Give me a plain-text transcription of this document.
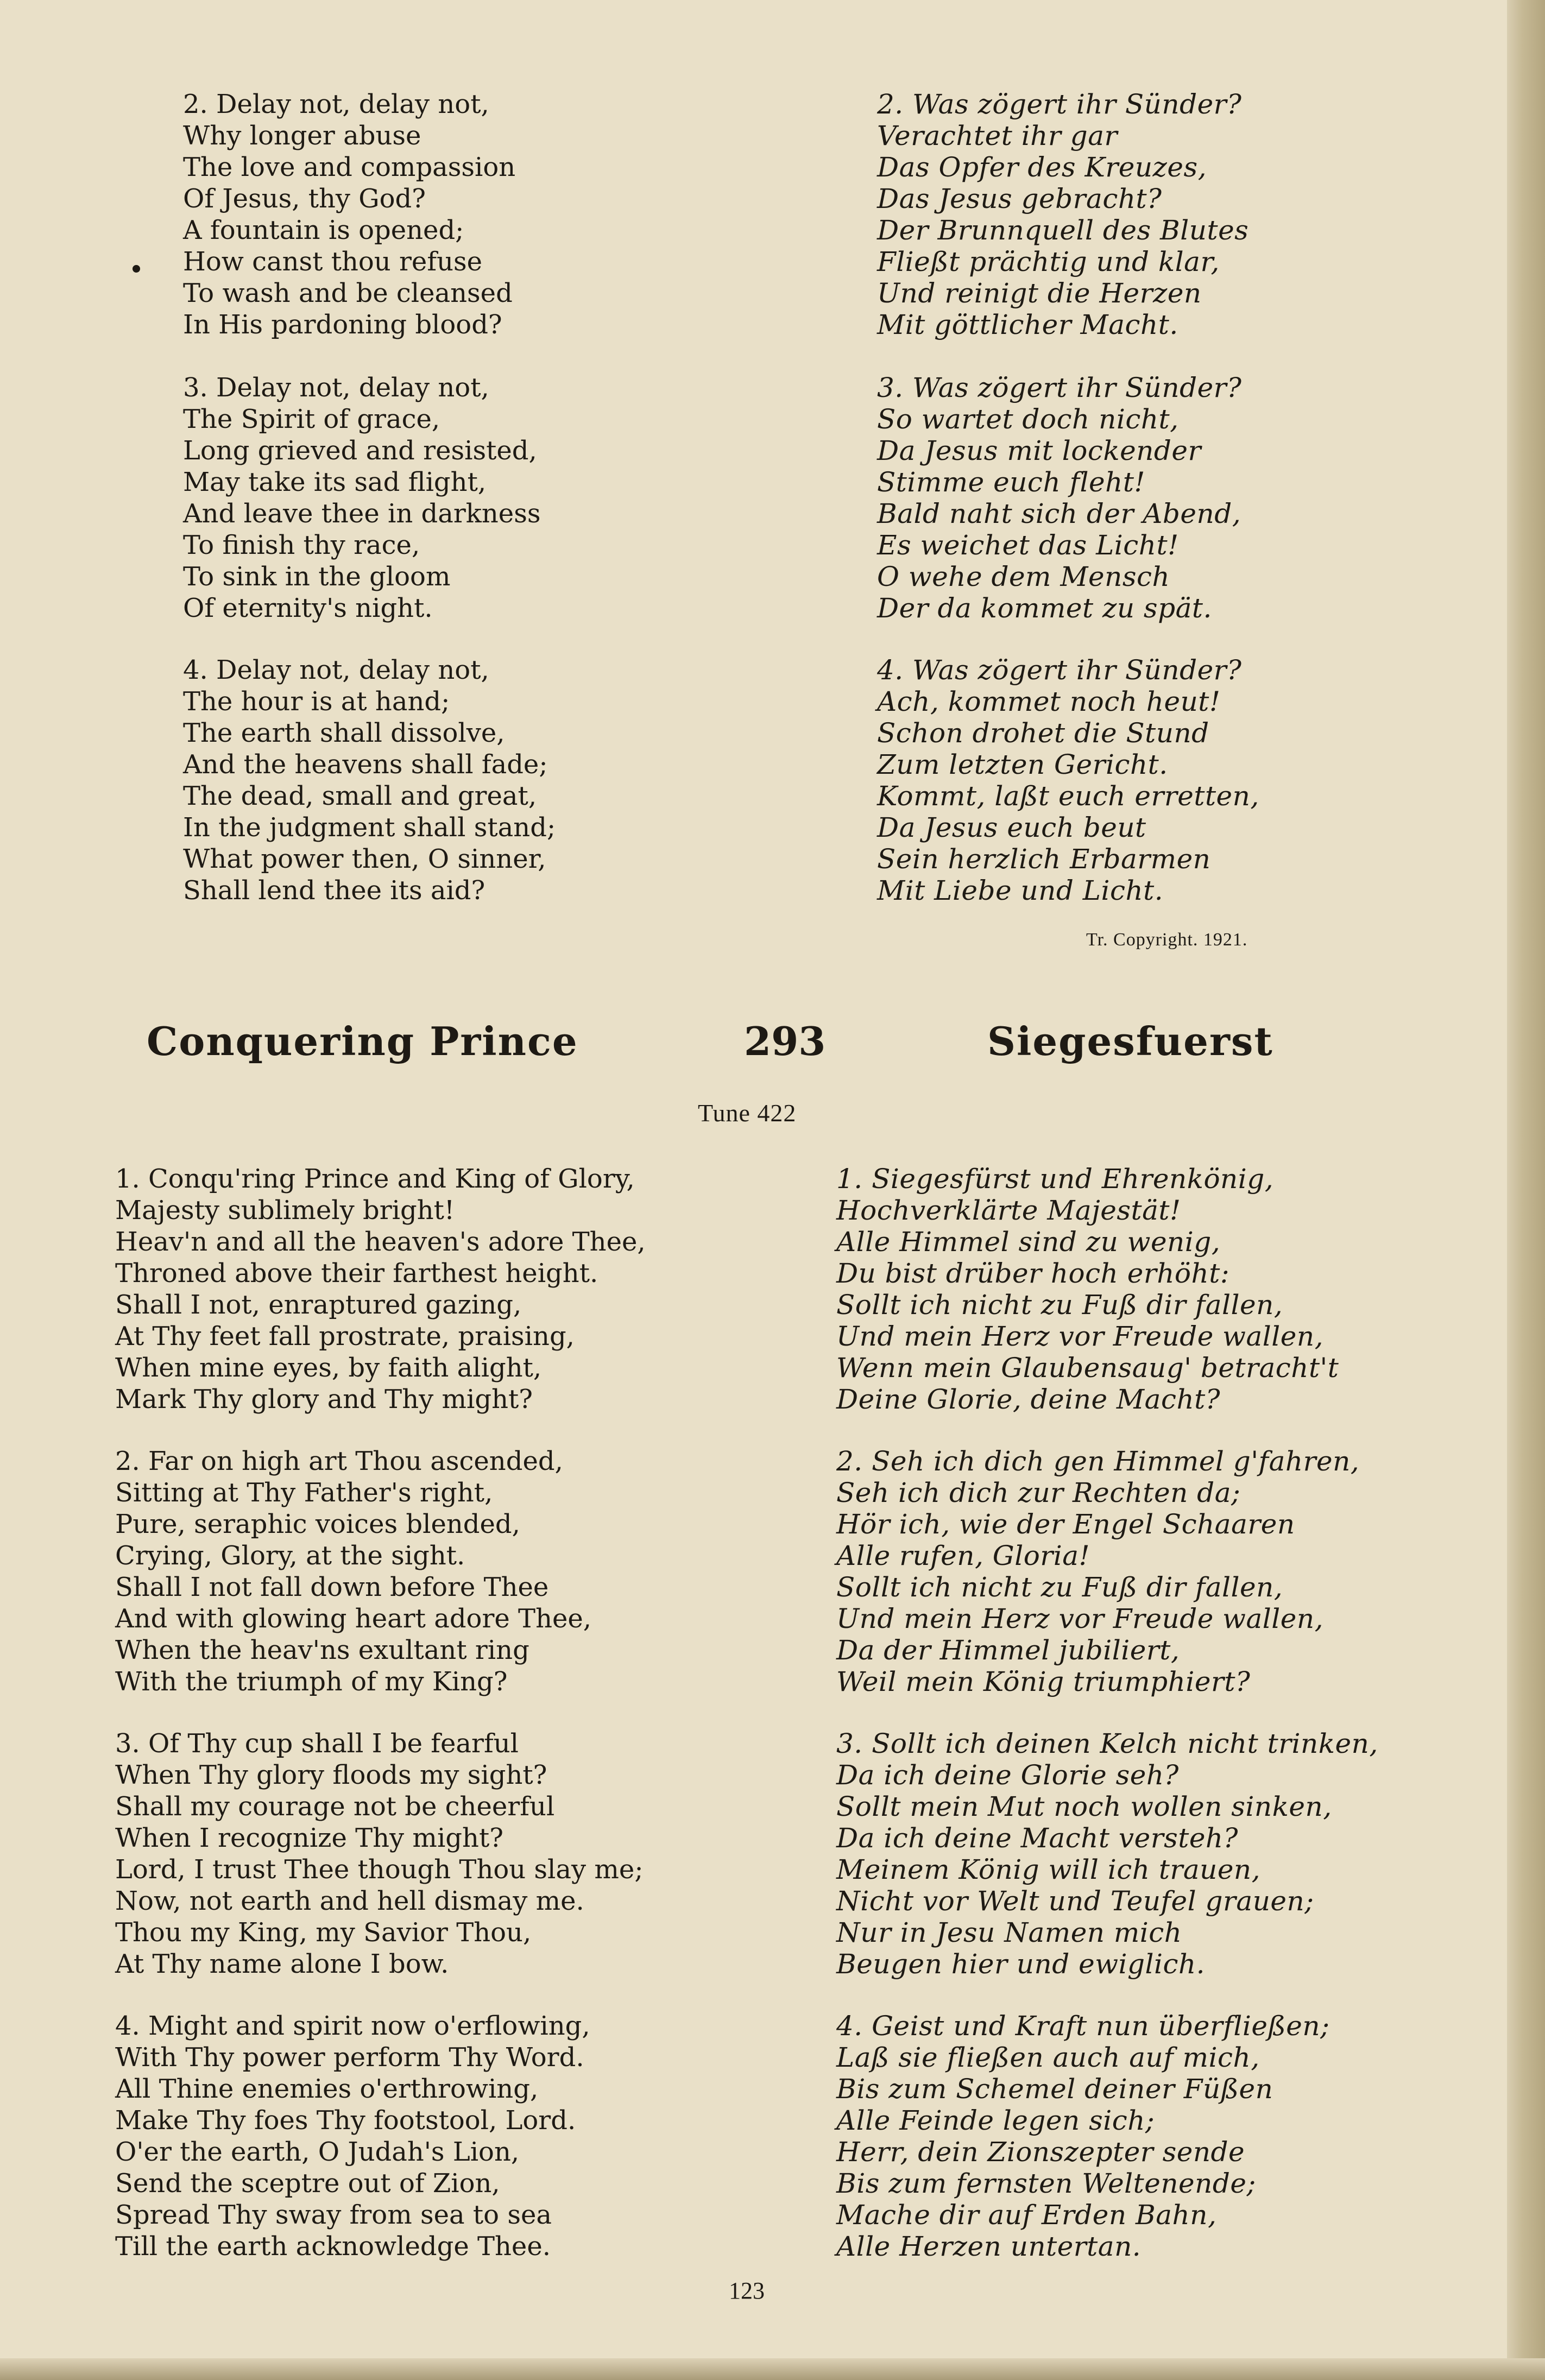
2. Delay not, delay not,
Why longer abuse
The love and compassion
Of Jesus, thy God?
A fountain is opened;
How canst thou refuse
To wash and be cleansed
In His pardoning blood?
3. Delay not, delay not,
The Spirit of grace,
Long grieved and resisted,
May take its sad flight,
And leave thee in darkness
To finish thy race,
To sink in the gloom
Of eternity's night.
4. Delay not, delay not,
The hour is at hand;
The earth shall dissolve,
And the heavens shall fade;
The dead, small and great,
In the judgment shall stand;
What power then, O sinner,
Shall lend thee its aid?
2. Was zögert ihr Sünder?
Verachtet ihr gar
Das Opfer des Kreuzes,
Das Jesus gebracht?
Der Brunnquell des Blutes
Fließt prächtig und klar,
Und reinigt die Herzen
Mit göttlicher Macht.
3. Was zögert ihr Sünder?
So wartet doch nicht,
Da Jesus mit lockender
Stimme euch fleht!
Bald naht sich der Abend,
Es weichet das Licht!
O wehe dem Mensch
Der da kommet zu spät.
4. Was zögert ihr Sünder?
Ach, kommet noch heut!
Schon drohet die Stund
Zum letzten Gericht.
Kommt, laßt euch erretten,
Da Jesus euch beut
Sein herzlich Erbarmen
Mit Liebe und Licht.
Tr. Copyright. 1921.
Conquering Prince	293	Siegesfuerst
Tune 422
1. Conqu'ring Prince and King of Glory,
Majesty sublimely bright!
Heav'n and all the heaven's adore Thee,
Throned above their farthest height.
Shall I not, enraptured gazing,
At Thy feet fall prostrate, praising,
When mine eyes, by faith alight,
Mark Thy glory and Thy might?
2. Far on high art Thou ascended,
Sitting at Thy Father's right,
Pure, seraphic voices blended,
Crying, Glory, at the sight.
Shall I not fall down before Thee
And with glowing heart adore Thee,
When the heav'ns exultant ring
With the triumph of my King?
3. Of Thy cup shall I be fearful
When Thy glory floods my sight?
Shall my courage not be cheerful
When I recognize Thy might?
Lord, I trust Thee though Thou slay me;
Now, not earth and hell dismay me.
Thou my King, my Savior Thou,
At Thy name alone I bow.
4. Might and spirit now o'erflowing,
With Thy power perform Thy Word.
All Thine enemies o'erthrowing,
Make Thy foes Thy footstool, Lord.
O'er the earth, O Judah's Lion,
Send the sceptre out of Zion,
Spread Thy sway from sea to sea
Till the earth acknowledge Thee.
1. Siegesfürst und Ehrenkönig,
Hochverklärte Majestät!
Alle Himmel sind zu wenig,
Du bist drüber hoch erhöht:
Sollt ich nicht zu Fuß dir fallen,
Und mein Herz vor Freude wallen,
Wenn mein Glaubensaug' betracht't
Deine Glorie, deine Macht?
2. Seh ich dich gen Himmel g'fahren,
Seh ich dich zur Rechten da;
Hör ich, wie der Engel Schaaren
Alle rufen, Gloria!
Sollt ich nicht zu Fuß dir fallen,
Und mein Herz vor Freude wallen,
Da der Himmel jubiliert,
Weil mein König triumphiert?
3. Sollt ich deinen Kelch nicht trinken,
Da ich deine Glorie seh?
Sollt mein Mut noch wollen sinken,
Da ich deine Macht versteh?
Meinem König will ich trauen,
Nicht vor Welt und Teufel grauen;
Nur in Jesu Namen mich
Beugen hier und ewiglich.
4. Geist und Kraft nun überfließen;
Laß sie fließen auch auf mich,
Bis zum Schemel deiner Füßen
Alle Feinde legen sich;
Herr, dein Zionszepter sende
Bis zum fernsten Weltenende;
Mache dir auf Erden Bahn,
Alle Herzen untertan.
123
